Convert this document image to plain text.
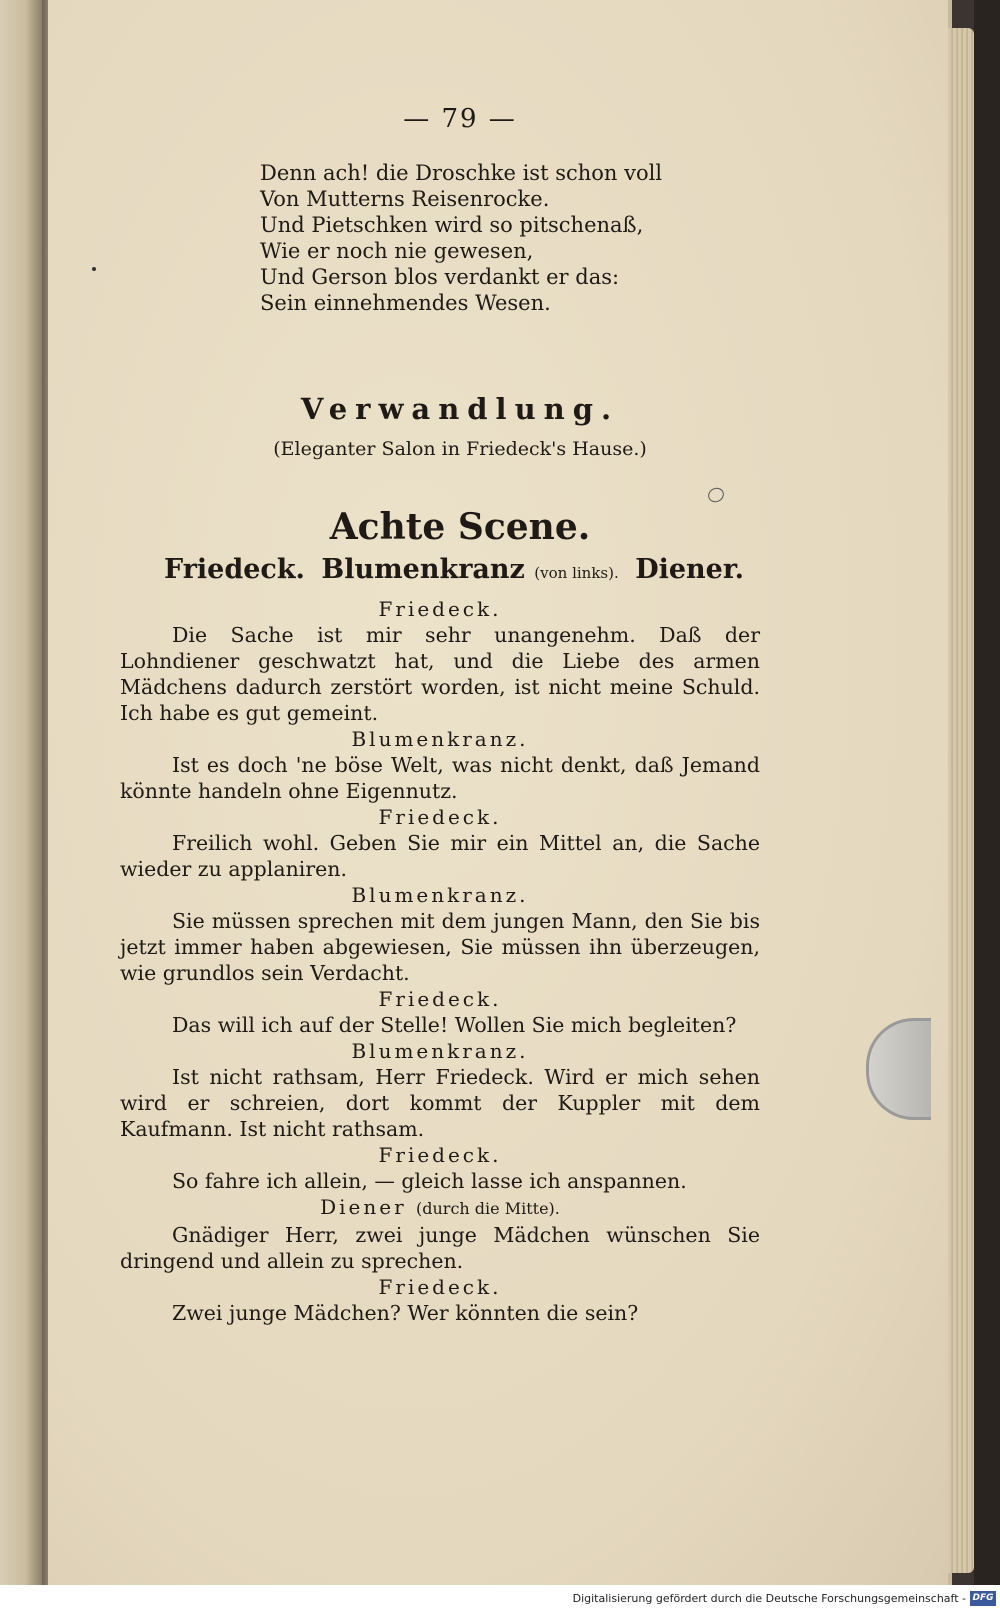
— 79 —
Denn ach! die Droschke ist schon voll
Von Mutterns Reisenrocke.
Und Pietschken wird so pitschenaß,
Wie er noch nie gewesen,
Und Gerson blos verdankt er das:
Sein einnehmendes Wesen.
Verwandlung.
(Eleganter Salon in Friedeck's Hause.)
Achte Scene.
Friedeck. Blumenkranz (von links). Diener.
Friedeck.
Die Sache ist mir sehr unangenehm. Daß der Lohndiener geschwatzt hat, und die Liebe des armen Mädchens dadurch zerstört worden, ist nicht meine Schuld. Ich habe es gut gemeint.
Blumenkranz.
Ist es doch 'ne böse Welt, was nicht denkt, daß Jemand könnte handeln ohne Eigennutz.
Friedeck.
Freilich wohl. Geben Sie mir ein Mittel an, die Sache wieder zu applaniren.
Blumenkranz.
Sie müssen sprechen mit dem jungen Mann, den Sie bis jetzt immer haben abgewiesen, Sie müssen ihn überzeugen, wie grundlos sein Verdacht.
Friedeck.
Das will ich auf der Stelle! Wollen Sie mich begleiten?
Blumenkranz.
Ist nicht rathsam, Herr Friedeck. Wird er mich sehen wird er schreien, dort kommt der Kuppler mit dem Kaufmann. Ist nicht rathsam.
Friedeck.
So fahre ich allein, — gleich lasse ich anspannen.
Diener (durch die Mitte).
Gnädiger Herr, zwei junge Mädchen wünschen Sie dringend und allein zu sprechen.
Friedeck.
Zwei junge Mädchen? Wer könnten die sein?
Digitalisierung gefördert durch die Deutsche Forschungsgemeinschaft - DFG
